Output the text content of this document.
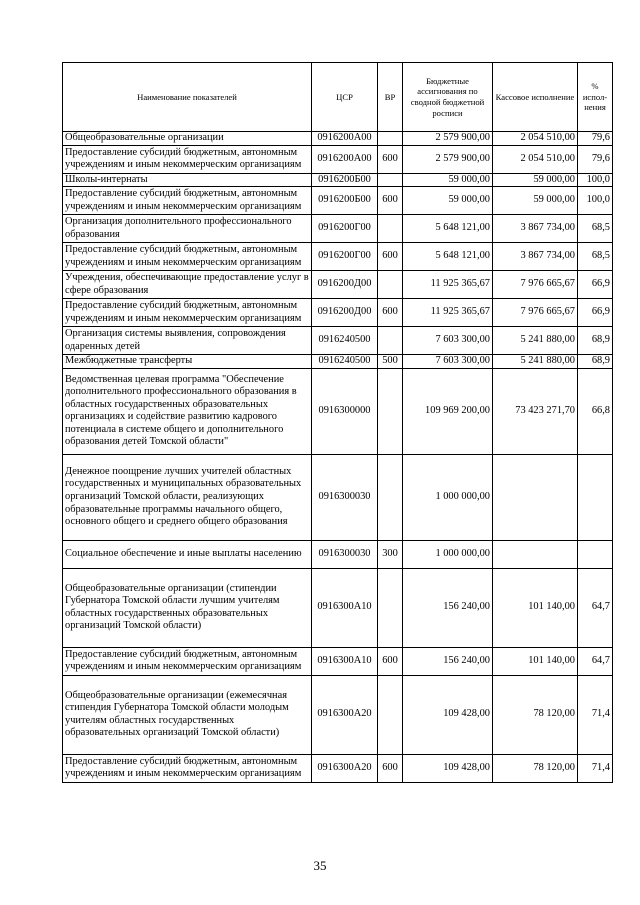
Наименование показателей	ЦСР	ВР	Бюджетные ассигнования по сводной бюджетной росписи	Кассовое исполнение	% испол-нения
Общеобразовательные организации	0916200А00		2 579 900,00	2 054 510,00	79,6
Предоставление субсидий бюджетным, автономным учреждениям и иным некоммерческим организациям	0916200А00	600	2 579 900,00	2 054 510,00	79,6
Школы-интернаты	0916200Б00		59 000,00	59 000,00	100,0
Предоставление субсидий бюджетным, автономным учреждениям и иным некоммерческим организациям	0916200Б00	600	59 000,00	59 000,00	100,0
Организация дополнительного профессионального образования	0916200Г00		5 648 121,00	3 867 734,00	68,5
Предоставление субсидий бюджетным, автономным учреждениям и иным некоммерческим организациям	0916200Г00	600	5 648 121,00	3 867 734,00	68,5
Учреждения, обеспечивающие предоставление услуг в сфере образования	0916200Д00		11 925 365,67	7 976 665,67	66,9
Предоставление субсидий бюджетным, автономным учреждениям и иным некоммерческим организациям	0916200Д00	600	11 925 365,67	7 976 665,67	66,9
Организация системы выявления, сопровождения одаренных детей	0916240500		7 603 300,00	5 241 880,00	68,9
Межбюджетные трансферты	0916240500	500	7 603 300,00	5 241 880,00	68,9
Ведомственная целевая программа "Обеспечение дополнительного профессионального образования в областных государственных образовательных организациях и содействие развитию кадрового потенциала в системе общего и дополнительного образования детей Томской области"	0916300000		109 969 200,00	73 423 271,70	66,8
Денежное поощрение лучших учителей областных государственных и муниципальных образовательных организаций Томской области, реализующих образовательные программы начального общего, основного общего и среднего общего образования	0916300030		1 000 000,00		
Социальное обеспечение и иные выплаты населению	0916300030	300	1 000 000,00		
Общеобразовательные организации (стипендии Губернатора Томской области лучшим учителям областных государственных образовательных организаций Томской области)	0916300А10		156 240,00	101 140,00	64,7
Предоставление субсидий бюджетным, автономным учреждениям и иным некоммерческим организациям	0916300А10	600	156 240,00	101 140,00	64,7
Общеобразовательные организации (ежемесячная стипендия Губернатора Томской области молодым учителям областных государственных образовательных организаций Томской области)	0916300А20		109 428,00	78 120,00	71,4
Предоставление субсидий бюджетным, автономным учреждениям и иным некоммерческим организациям	0916300А20	600	109 428,00	78 120,00	71,4
35
